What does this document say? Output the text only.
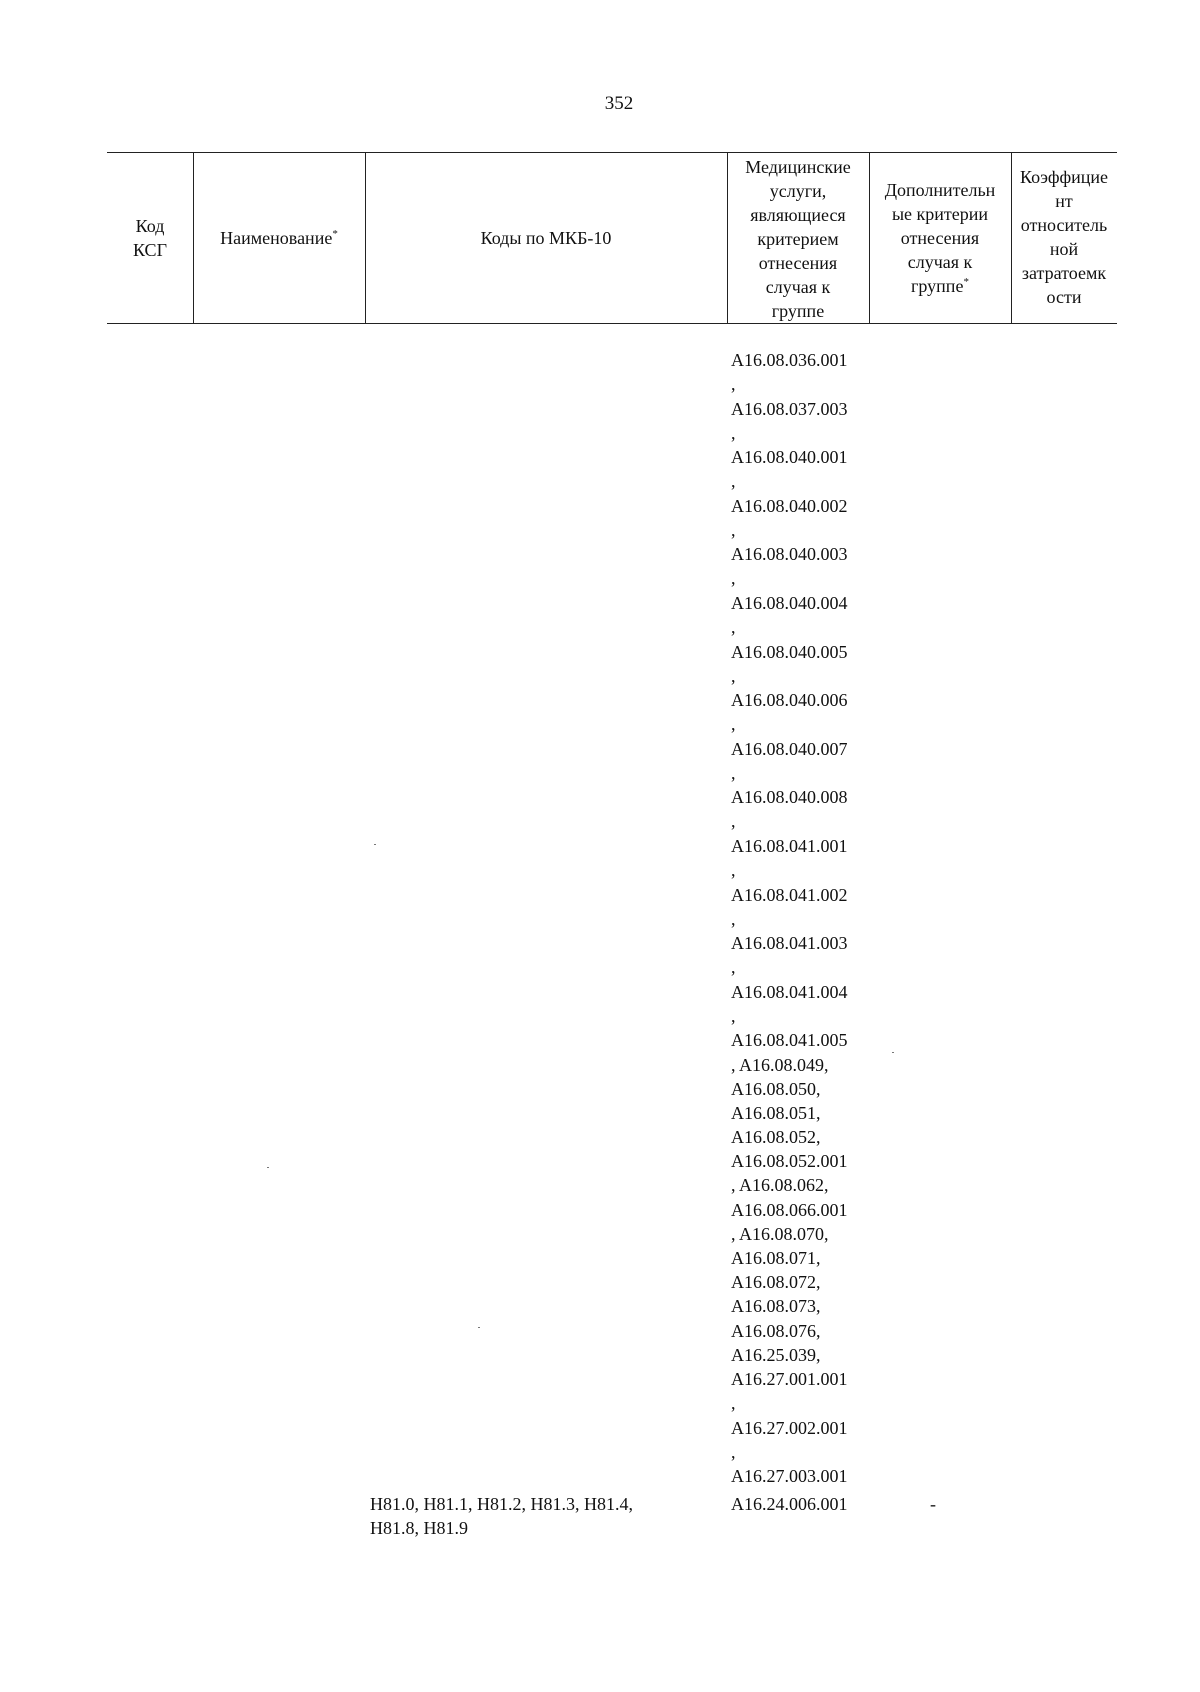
352
Код
КСГ
Наименование*	Коды по МКБ-10
Медицинские
услуги,
являющиеся
критерием
отнесения
случая к
группе
Дополнительн
ые критерии
отнесения
случая к
группе*
Коэффицие
нт
относитель
ной
затратоемк
ости
A16.08.036.001
,
A16.08.037.003
,
A16.08.040.001
,
A16.08.040.002
,
A16.08.040.003
,
A16.08.040.004
,
A16.08.040.005
,
A16.08.040.006
,
A16.08.040.007
,
A16.08.040.008
,
A16.08.041.001
,
A16.08.041.002
,
A16.08.041.003
,
A16.08.041.004
,
A16.08.041.005
, A16.08.049,
A16.08.050,
A16.08.051,
A16.08.052,
A16.08.052.001
, A16.08.062,
A16.08.066.001
, A16.08.070,
A16.08.071,
A16.08.072,
A16.08.073,
A16.08.076,
A16.25.039,
A16.27.001.001
,
A16.27.002.001
,
A16.27.003.001
H81.0, H81.1, H81.2, H81.3, H81.4,
H81.8, H81.9
A16.24.006.001	-
